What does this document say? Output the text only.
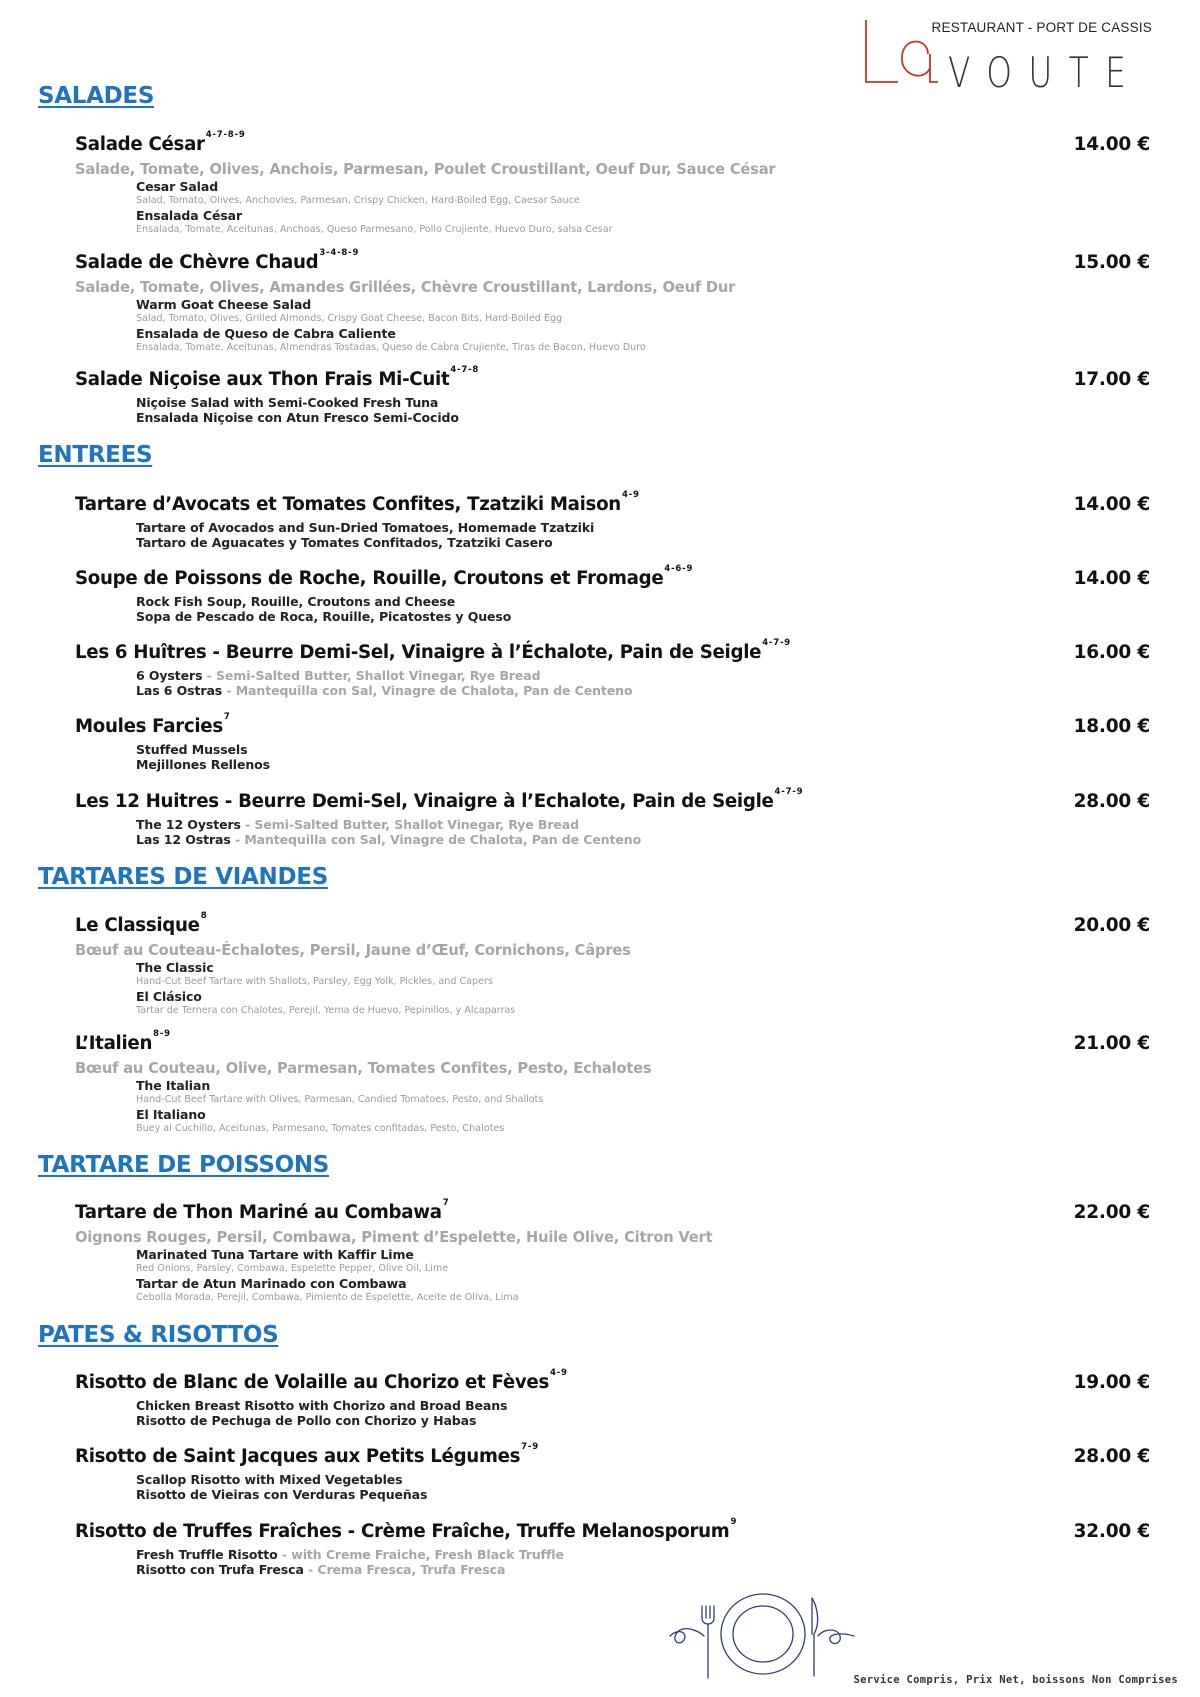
RESTAURANT - PORT DE CASSIS
VOUTE
SALADES
Salade César$^{4-7-8-9}$	14.00 €
Salade, Tomate, Olives, Anchois, Parmesan, Poulet Croustillant, Oeuf Dur, Sauce César
Cesar Salad
Salad, Tomato, Olives, Anchovies, Parmesan, Crispy Chicken, Hard-Boiled Egg, Caesar Sauce
Ensalada César
Ensalada, Tomate, Aceitunas, Anchoas, Queso Parmesano, Pollo Crujiente, Huevo Duro, salsa Cesar
Salade de Chèvre Chaud$^{3-4-8-9}$	15.00 €
Salade, Tomate, Olives, Amandes Grillées, Chèvre Croustillant, Lardons, Oeuf Dur
Warm Goat Cheese Salad
Salad, Tomato, Olives, Grilled Almonds, Crispy Goat Cheese, Bacon Bits, Hard-Boiled Egg
Ensalada de Queso de Cabra Caliente
Ensalada, Tomate, Aceitunas, Almendras Tostadas, Queso de Cabra Crujiente, Tiras de Bacon, Huevo Duro
Salade Niçoise aux Thon Frais Mi-Cuit$^{4-7-8}$	17.00 €
Niçoise Salad with Semi-Cooked Fresh Tuna
Ensalada Niçoise con Atun Fresco Semi-Cocido
ENTREES
Tartare d’Avocats et Tomates Confites, Tzatziki Maison$^{4-9}$	14.00 €
Tartare of Avocados and Sun-Dried Tomatoes, Homemade Tzatziki
Tartaro de Aguacates y Tomates Confitados, Tzatziki Casero
Soupe de Poissons de Roche, Rouille, Croutons et Fromage$^{4-6-9}$	14.00 €
Rock Fish Soup, Rouille, Croutons and Cheese
Sopa de Pescado de Roca, Rouille, Picatostes y Queso
Les 6 Huîtres - Beurre Demi-Sel, Vinaigre à l’Échalote, Pain de Seigle$^{4-7-9}$	16.00 €
6 Oysters - Semi-Salted Butter, Shallot Vinegar, Rye Bread
Las 6 Ostras - Mantequilla con Sal, Vinagre de Chalota, Pan de Centeno
Moules Farcies$^7$	18.00 €
Stuffed Mussels
Mejillones Rellenos
Les 12 Huitres - Beurre Demi-Sel, Vinaigre à l’Echalote, Pain de Seigle$^{4-7-9}$	28.00 €
The 12 Oysters - Semi-Salted Butter, Shallot Vinegar, Rye Bread
Las 12 Ostras - Mantequilla con Sal, Vinagre de Chalota, Pan de Centeno
TARTARES DE VIANDES
Le Classique$^8$	20.00 €
Bœuf au Couteau-Échalotes, Persil, Jaune d’Œuf, Cornichons, Câpres
The Classic
Hand-Cut Beef Tartare with Shallots, Parsley, Egg Yolk, Pickles, and Capers
El Clásico
Tartar de Ternera con Chalotes, Perejil, Yema de Huevo, Pepinillos, y Alcaparras
L’Italien$^{8-9}$	21.00 €
Bœuf au Couteau, Olive, Parmesan, Tomates Confites, Pesto, Echalotes
The Italian
Hand-Cut Beef Tartare with Olives, Parmesan, Candied Tomatoes, Pesto, and Shallots
El Italiano
Buey al Cuchillo, Aceitunas, Parmesano, Tomates confitadas, Pesto, Chalotes
TARTARE DE POISSONS
Tartare de Thon Mariné au Combawa$^7$	22.00 €
Oignons Rouges, Persil, Combawa, Piment d’Espelette, Huile Olive, Citron Vert
Marinated Tuna Tartare with Kaffir Lime
Red Onions, Parsley, Combawa, Espelette Pepper, Olive Oil, Lime
Tartar de Atun Marinado con Combawa
Cebolla Morada, Perejil, Combawa, Pimiento de Espelette, Aceite de Oliva, Lima
PATES & RISOTTOS
Risotto de Blanc de Volaille au Chorizo et Fèves$^{4-9}$	19.00 €
Chicken Breast Risotto with Chorizo and Broad Beans
Risotto de Pechuga de Pollo con Chorizo y Habas
Risotto de Saint Jacques aux Petits Légumes$^{7-9}$	28.00 €
Scallop Risotto with Mixed Vegetables
Risotto de Vieiras con Verduras Pequeñas
Risotto de Truffes Fraîches - Crème Fraîche, Truffe Melanosporum$^9$	32.00 €
Fresh Truffle Risotto - with Creme Fraiche, Fresh Black Truffle
Risotto con Trufa Fresca - Crema Fresca, Trufa Fresca
Service Compris, Prix Net, boissons Non Comprises
